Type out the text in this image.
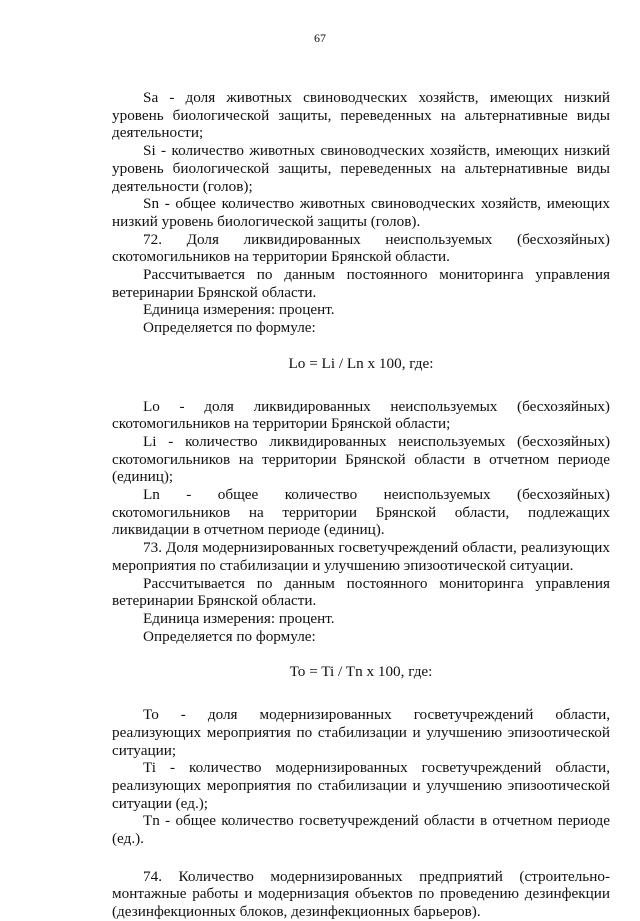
67

Sa - доля животных свиноводческих хозяйств, имеющих низкий уровень биологической защиты, переведенных на альтернативные виды деятельности;

Si - количество животных свиноводческих хозяйств, имеющих низкий уровень биологической защиты, переведенных на альтернативные виды деятельности (голов);

Sn - общее количество животных свиноводческих хозяйств, имеющих низкий уровень биологической защиты (голов).

72. Доля ликвидированных неиспользуемых (бесхозяйных) скотомогильников на территории Брянской области.

Рассчитывается по данным постоянного мониторинга управления ветеринарии Брянской области.

Единица измерения: процент.

Определяется по формуле:

Lo = Li / Ln x 100, где:

Lo - доля ликвидированных неиспользуемых (бесхозяйных) скотомогильников на территории Брянской области;

Li - количество ликвидированных неиспользуемых (бесхозяйных) скотомогильников на территории Брянской области в отчетном периоде (единиц);

Ln - общее количество неиспользуемых (бесхозяйных) скотомогильников на территории Брянской области, подлежащих ликвидации в отчетном периоде (единиц).

73. Доля модернизированных госветучреждений области, реализующих мероприятия по стабилизации и улучшению эпизоотической ситуации.

Рассчитывается по данным постоянного мониторинга управления ветеринарии Брянской области.

Единица измерения: процент.

Определяется по формуле:

To = Ti / Tn x 100, где:

To - доля модернизированных госветучреждений области, реализующих мероприятия по стабилизации и улучшению эпизоотической ситуации;

Ti - количество модернизированных госветучреждений области, реализующих мероприятия по стабилизации и улучшению эпизоотической ситуации (ед.);

Tn - общее количество госветучреждений области в отчетном периоде (ед.).

74. Количество модернизированных предприятий (строительно-монтажные работы и модернизация объектов по проведению дезинфекции (дезинфекционных блоков, дезинфекционных барьеров).
